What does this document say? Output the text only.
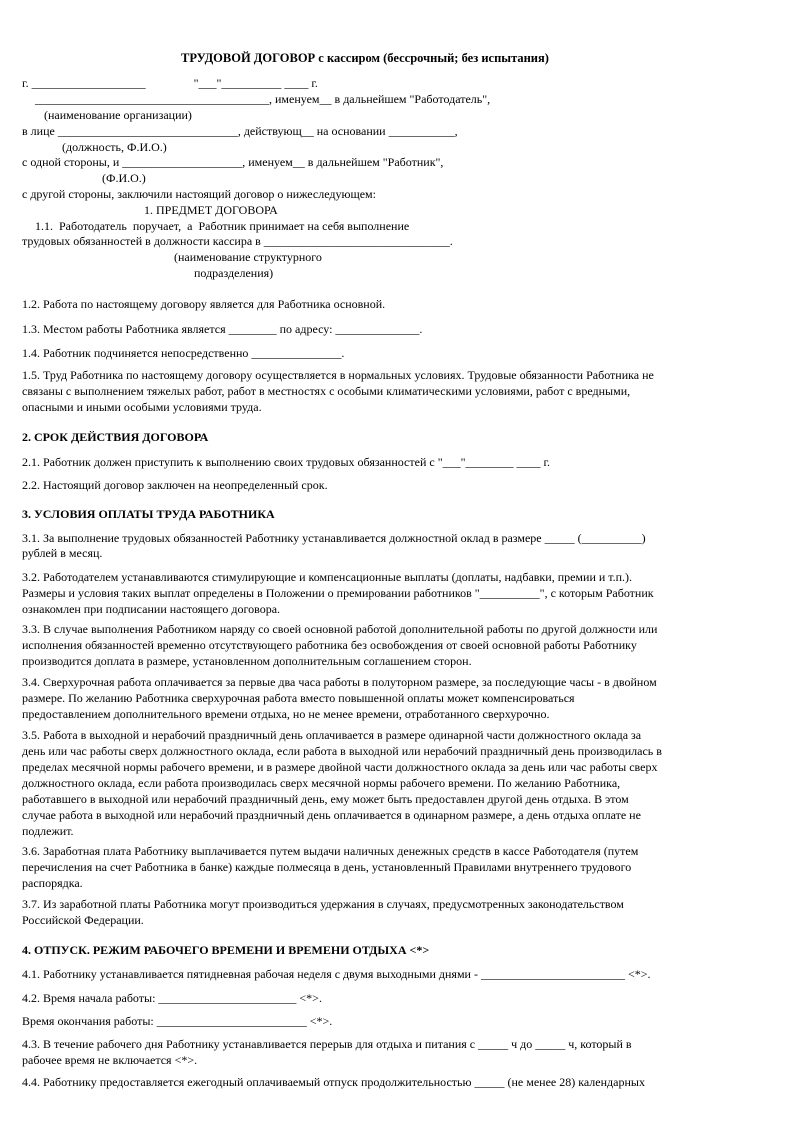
ТРУДОВОЙ ДОГОВОР с кассиром (бессрочный; без испытания)
г. ___________________                "___"__________ ____ г.
_______________________________________, именуем__ в дальнейшем "Работодатель",
(наименование организации)
в лице ______________________________, действующ__ на основании ___________,
(должность, Ф.И.О.)
с одной стороны, и ____________________, именуем__ в дальнейшем "Работник",
(Ф.И.О.)
с другой стороны, заключили настоящий договор о нижеследующем:
1. ПРЕДМЕТ ДОГОВОРА
1.1.  Работодатель  поручает,  а  Работник принимает на себя выполнение
трудовых обязанностей в должности кассира в _______________________________.
(наименование структурного
подразделения)
1.2. Работа по настоящему договору является для Работника основной.
1.3. Местом работы Работника является ________ по адресу: ______________.
1.4. Работник подчиняется непосредственно _______________.
1.5. Труд Работника по настоящему договору осуществляется в нормальных условиях. Трудовые обязанности Работника не
связаны с выполнением тяжелых работ, работ в местностях с особыми климатическими условиями, работ с вредными,
опасными и иными особыми условиями труда.
2. СРОК ДЕЙСТВИЯ ДОГОВОРА
2.1. Работник должен приступить к выполнению своих трудовых обязанностей с "___"________ ____ г.
2.2. Настоящий договор заключен на неопределенный срок.
3. УСЛОВИЯ ОПЛАТЫ ТРУДА РАБОТНИКА
3.1. За выполнение трудовых обязанностей Работнику устанавливается должностной оклад в размере _____ (__________)
рублей в месяц.
3.2. Работодателем устанавливаются стимулирующие и компенсационные выплаты (доплаты, надбавки, премии и т.п.).
Размеры и условия таких выплат определены в Положении о премировании работников "__________", с которым Работник
ознакомлен при подписании настоящего договора.
3.3. В случае выполнения Работником наряду со своей основной работой дополнительной работы по другой должности или
исполнения обязанностей временно отсутствующего работника без освобождения от своей основной работы Работнику
производится доплата в размере, установленном дополнительным соглашением сторон.
3.4. Сверхурочная работа оплачивается за первые два часа работы в полуторном размере, за последующие часы - в двойном
размере. По желанию Работника сверхурочная работа вместо повышенной оплаты может компенсироваться
предоставлением дополнительного времени отдыха, но не менее времени, отработанного сверхурочно.
3.5. Работа в выходной и нерабочий праздничный день оплачивается в размере одинарной части должностного оклада за
день или час работы сверх должностного оклада, если работа в выходной или нерабочий праздничный день производилась в
пределах месячной нормы рабочего времени, и в размере двойной части должностного оклада за день или час работы сверх
должностного оклада, если работа производилась сверх месячной нормы рабочего времени. По желанию Работника,
работавшего в выходной или нерабочий праздничный день, ему может быть предоставлен другой день отдыха. В этом
случае работа в выходной или нерабочий праздничный день оплачивается в одинарном размере, а день отдыха оплате не
подлежит.
3.6. Заработная плата Работнику выплачивается путем выдачи наличных денежных средств в кассе Работодателя (путем
перечисления на счет Работника в банке) каждые полмесяца в день, установленный Правилами внутреннего трудового
распорядка.
3.7. Из заработной платы Работника могут производиться удержания в случаях, предусмотренных законодательством
Российской Федерации.
4. ОТПУСК. РЕЖИМ РАБОЧЕГО ВРЕМЕНИ И ВРЕМЕНИ ОТДЫХА <*>
4.1. Работнику устанавливается пятидневная рабочая неделя с двумя выходными днями - ________________________ <*>.
4.2. Время начала работы: _______________________ <*>.
Время окончания работы: _________________________ <*>.
4.3. В течение рабочего дня Работнику устанавливается перерыв для отдыха и питания с _____ ч до _____ ч, который в
рабочее время не включается <*>.
4.4. Работнику предоставляется ежегодный оплачиваемый отпуск продолжительностью _____ (не менее 28) календарных
